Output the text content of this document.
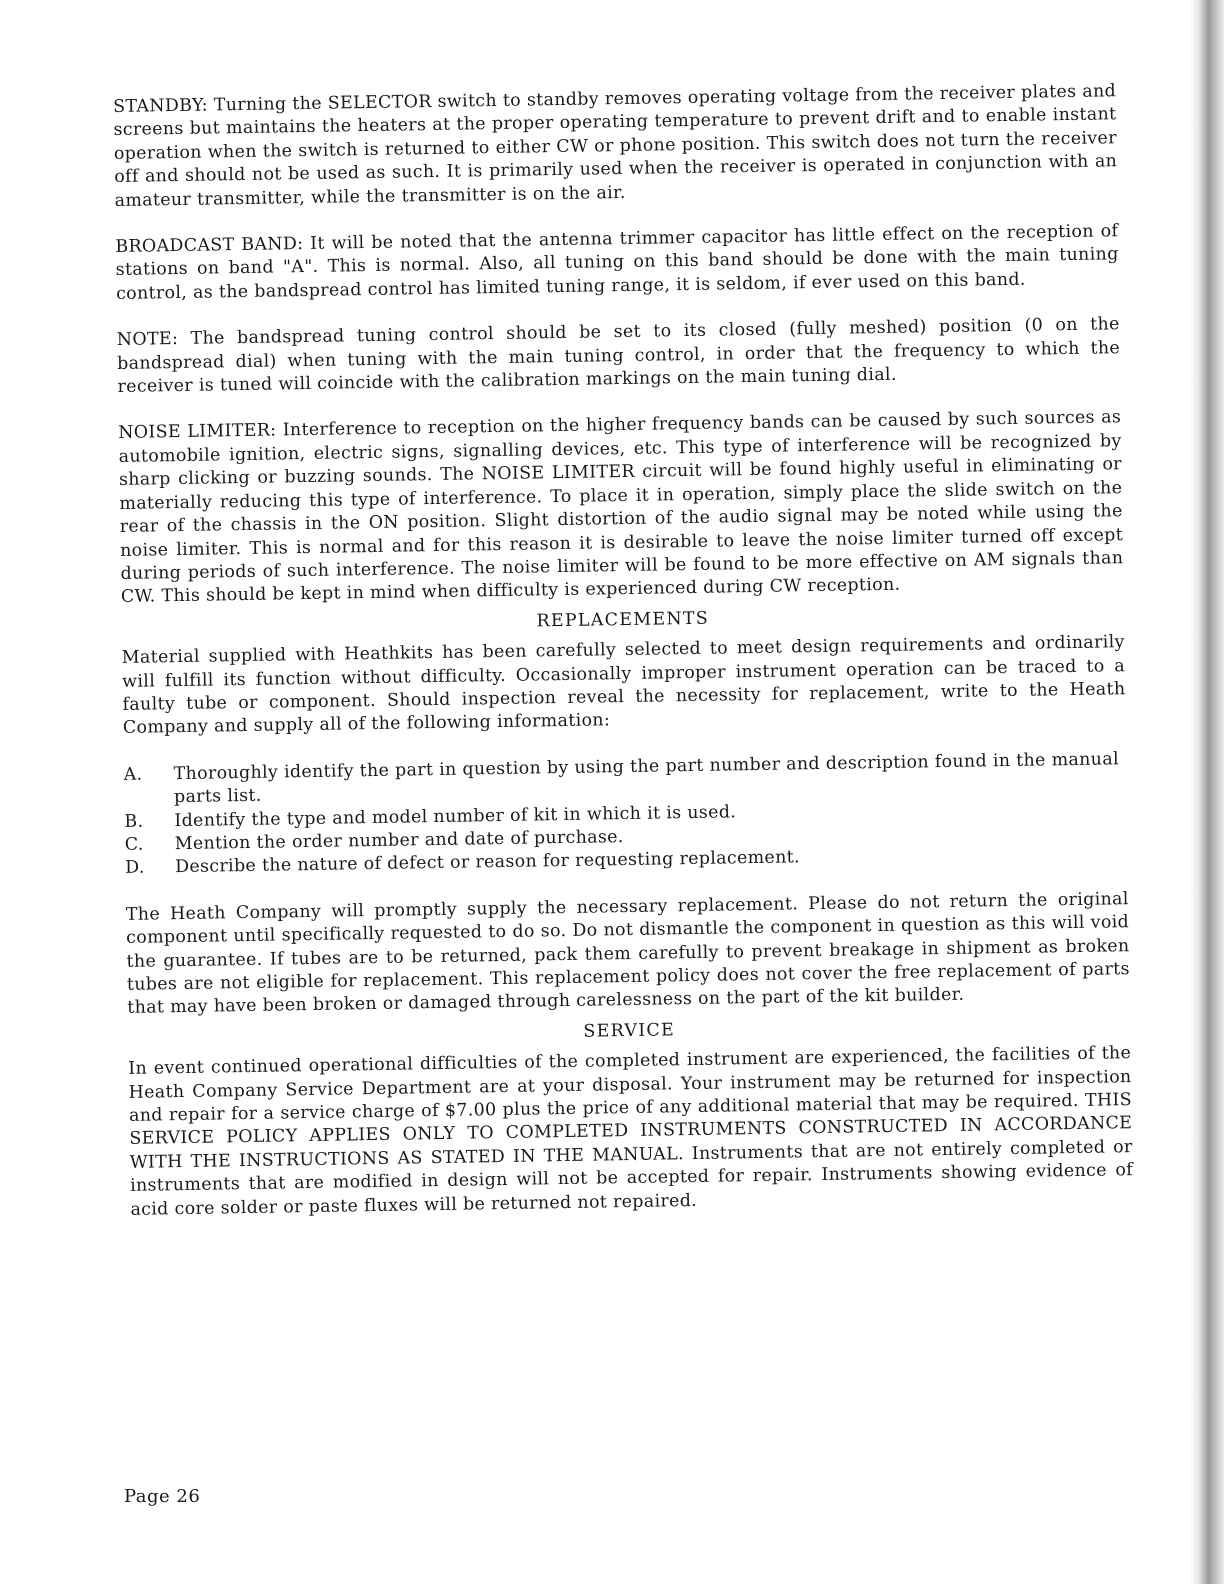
STANDBY: Turning the SELECTOR switch to standby removes operating voltage from the receiver plates and screens but maintains the heaters at the proper operating temperature to prevent drift and to enable instant operation when the switch is returned to either CW or phone position. This switch does not turn the receiver off and should not be used as such. It is primarily used when the receiver is operated in conjunction with an amateur transmitter, while the transmitter is on the air.

BROADCAST BAND: It will be noted that the antenna trimmer capacitor has little effect on the reception of stations on band "A". This is normal. Also, all tuning on this band should be done with the main tuning control, as the bandspread control has limited tuning range, it is seldom, if ever used on this band.

NOTE: The bandspread tuning control should be set to its closed (fully meshed) position (0 on the bandspread dial) when tuning with the main tuning control, in order that the frequency to which the receiver is tuned will coincide with the calibration markings on the main tuning dial.

NOISE LIMITER: Interference to reception on the higher frequency bands can be caused by such sources as automobile ignition, electric signs, signalling devices, etc. This type of interference will be recognized by sharp clicking or buzzing sounds. The NOISE LIMITER circuit will be found highly useful in eliminating or materially reducing this type of interference. To place it in operation, simply place the slide switch on the rear of the chassis in the ON position. Slight distortion of the audio signal may be noted while using the noise limiter. This is normal and for this reason it is desirable to leave the noise limiter turned off except during periods of such interference. The noise limiter will be found to be more effective on AM signals than CW. This should be kept in mind when difficulty is experienced during CW reception.

REPLACEMENTS

Material supplied with Heathkits has been carefully selected to meet design requirements and ordinarily will fulfill its function without difficulty. Occasionally improper instrument operation can be traced to a faulty tube or component. Should inspection reveal the necessity for replacement, write to the Heath Company and supply all of the following information:

A.	Thoroughly identify the part in question by using the part number and description found in the manual parts list.
B.	Identify the type and model number of kit in which it is used.
C.	Mention the order number and date of purchase.
D.	Describe the nature of defect or reason for requesting replacement.

The Heath Company will promptly supply the necessary replacement. Please do not return the original component until specifically requested to do so. Do not dismantle the component in question as this will void the guarantee. If tubes are to be returned, pack them carefully to prevent breakage in shipment as broken tubes are not eligible for replacement. This replacement policy does not cover the free replacement of parts that may have been broken or damaged through carelessness on the part of the kit builder.

SERVICE

In event continued operational difficulties of the completed instrument are experienced, the facilities of the Heath Company Service Department are at your disposal. Your instrument may be returned for inspection and repair for a service charge of $7.00 plus the price of any additional material that may be required. THIS SERVICE POLICY APPLIES ONLY TO COMPLETED INSTRUMENTS CONSTRUCTED IN ACCORDANCE WITH THE INSTRUCTIONS AS STATED IN THE MANUAL. Instruments that are not entirely completed or instruments that are modified in design will not be accepted for repair. Instruments showing evidence of acid core solder or paste fluxes will be returned not repaired.

Page 26
